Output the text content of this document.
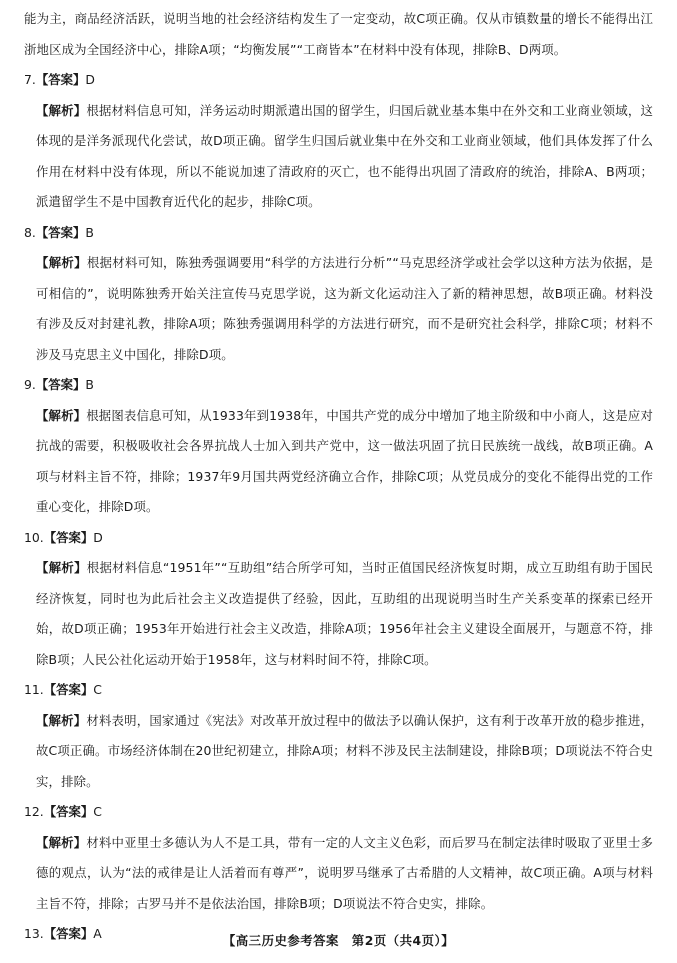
能为主，商品经济活跃，说明当地的社会经济结构发生了一定变动，故C项正确。仅从市镇数量的增长不能得出江浙地区成为全国经济中心，排除A项；“均衡发展”“工商皆本”在材料中没有体现，排除B、D两项。
7.【答案】D
【解析】根据材料信息可知，洋务运动时期派遣出国的留学生，归国后就业基本集中在外交和工业商业领域，这体现的是洋务派现代化尝试，故D项正确。留学生归国后就业集中在外交和工业商业领域，他们具体发挥了什么作用在材料中没有体现，所以不能说加速了清政府的灭亡，也不能得出巩固了清政府的统治，排除A、B两项；派遣留学生不是中国教育近代化的起步，排除C项。
8.【答案】B
【解析】根据材料可知，陈独秀强调要用“科学的方法进行分析”“马克思经济学或社会学以这种方法为依据，是可相信的”，说明陈独秀开始关注宣传马克思学说，这为新文化运动注入了新的精神思想，故B项正确。材料没有涉及反对封建礼教，排除A项；陈独秀强调用科学的方法进行研究，而不是研究社会科学，排除C项；材料不涉及马克思主义中国化，排除D项。
9.【答案】B
【解析】根据图表信息可知，从1933年到1938年，中国共产党的成分中增加了地主阶级和中小商人，这是应对抗战的需要，积极吸收社会各界抗战人士加入到共产党中，这一做法巩固了抗日民族统一战线，故B项正确。A项与材料主旨不符，排除；1937年9月国共两党经济确立合作，排除C项；从党员成分的变化不能得出党的工作重心变化，排除D项。
10.【答案】D
【解析】根据材料信息“1951年”“互助组”结合所学可知，当时正值国民经济恢复时期，成立互助组有助于国民经济恢复，同时也为此后社会主义改造提供了经验，因此，互助组的出现说明当时生产关系变革的探索已经开始，故D项正确；1953年开始进行社会主义改造，排除A项；1956年社会主义建设全面展开，与题意不符，排除B项；人民公社化运动开始于1958年，这与材料时间不符，排除C项。
11.【答案】C
【解析】材料表明，国家通过《宪法》对改革开放过程中的做法予以确认保护，这有利于改革开放的稳步推进，故C项正确。市场经济体制在20世纪初建立，排除A项；材料不涉及民主法制建设，排除B项；D项说法不符合史实，排除。
12.【答案】C
【解析】材料中亚里士多德认为人不是工具，带有一定的人文主义色彩，而后罗马在制定法律时吸取了亚里士多德的观点，认为“法的戒律是让人活着而有尊严”，说明罗马继承了古希腊的人文精神，故C项正确。A项与材料主旨不符，排除；古罗马并不是依法治国，排除B项；D项说法不符合史实，排除。
13.【答案】A	【高三历史参考答案　第2页（共4页）】
